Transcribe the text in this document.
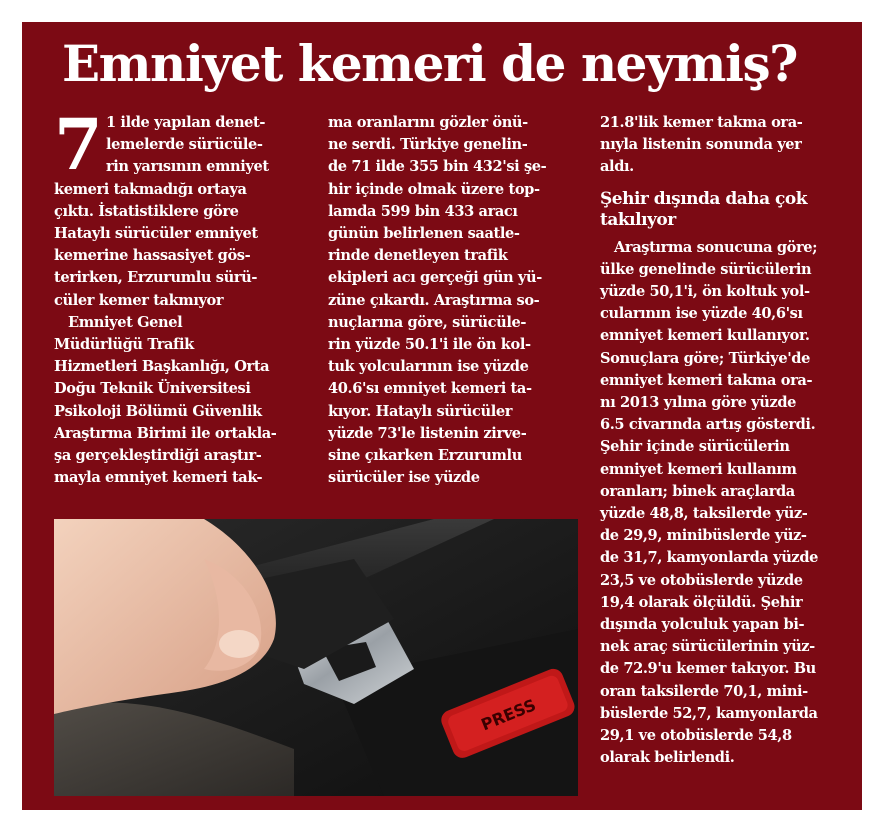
Emniyet kemeri de neymiş?
7 1 ilde yapılan denet-

lemelerde sürücüle-

rin yarısının emniyet

kemeri takmadığı ortaya

çıktı. İstatistiklere göre

Hataylı sürücüler emniyet

kemerine hassasiyet gös-

terirken, Erzurumlu sürü-

cüler kemer takmıyor

Emniyet Genel

Müdürlüğü Trafik

Hizmetleri Başkanlığı, Orta

Doğu Teknik Üniversitesi

Psikoloji Bölümü Güvenlik

Araştırma Birimi ile ortakla-

şa gerçekleştirdiği araştır-

mayla emniyet kemeri tak-

ma oranlarını gözler önü-

ne serdi. Türkiye genelin-

de 71 ilde 355 bin 432'si şe-

hir içinde olmak üzere top-

lamda 599 bin 433 aracı

günün belirlenen saatle-

rinde denetleyen trafik

ekipleri acı gerçeği gün yü-

züne çıkardı. Araştırma so-

nuçlarına göre, sürücüle-

rin yüzde 50.1'i ile ön kol-

tuk yolcularının ise yüzde

40.6'sı emniyet kemeri ta-

kıyor. Hataylı sürücüler

yüzde 73'le listenin zirve-

sine çıkarken Erzurumlu

sürücüler ise yüzde

21.8'lik kemer takma ora-

nıyla listenin sonunda yer

aldı.

Şehir dışında daha çok

takılıyor

Araştırma sonucuna göre;

ülke genelinde sürücülerin

yüzde 50,1'i, ön koltuk yol-

cularının ise yüzde 40,6'sı

emniyet kemeri kullanıyor.

Sonuçlara göre; Türkiye'de

emniyet kemeri takma ora-

nı 2013 yılına göre yüzde

6.5 civarında artış gösterdi.

Şehir içinde sürücülerin

emniyet kemeri kullanım

oranları; binek araçlarda

yüzde 48,8, taksilerde yüz-

de 29,9, minibüslerde yüz-

de 31,7, kamyonlarda yüzde

23,5 ve otobüslerde yüzde

19,4 olarak ölçüldü. Şehir

dışında yolculuk yapan bi-

nek araç sürücülerinin yüz-

de 72.9'u kemer takıyor. Bu

oran taksilerde 70,1, mini-

büslerde 52,7, kamyonlarda

29,1 ve otobüslerde 54,8

olarak belirlendi.

PRESS
